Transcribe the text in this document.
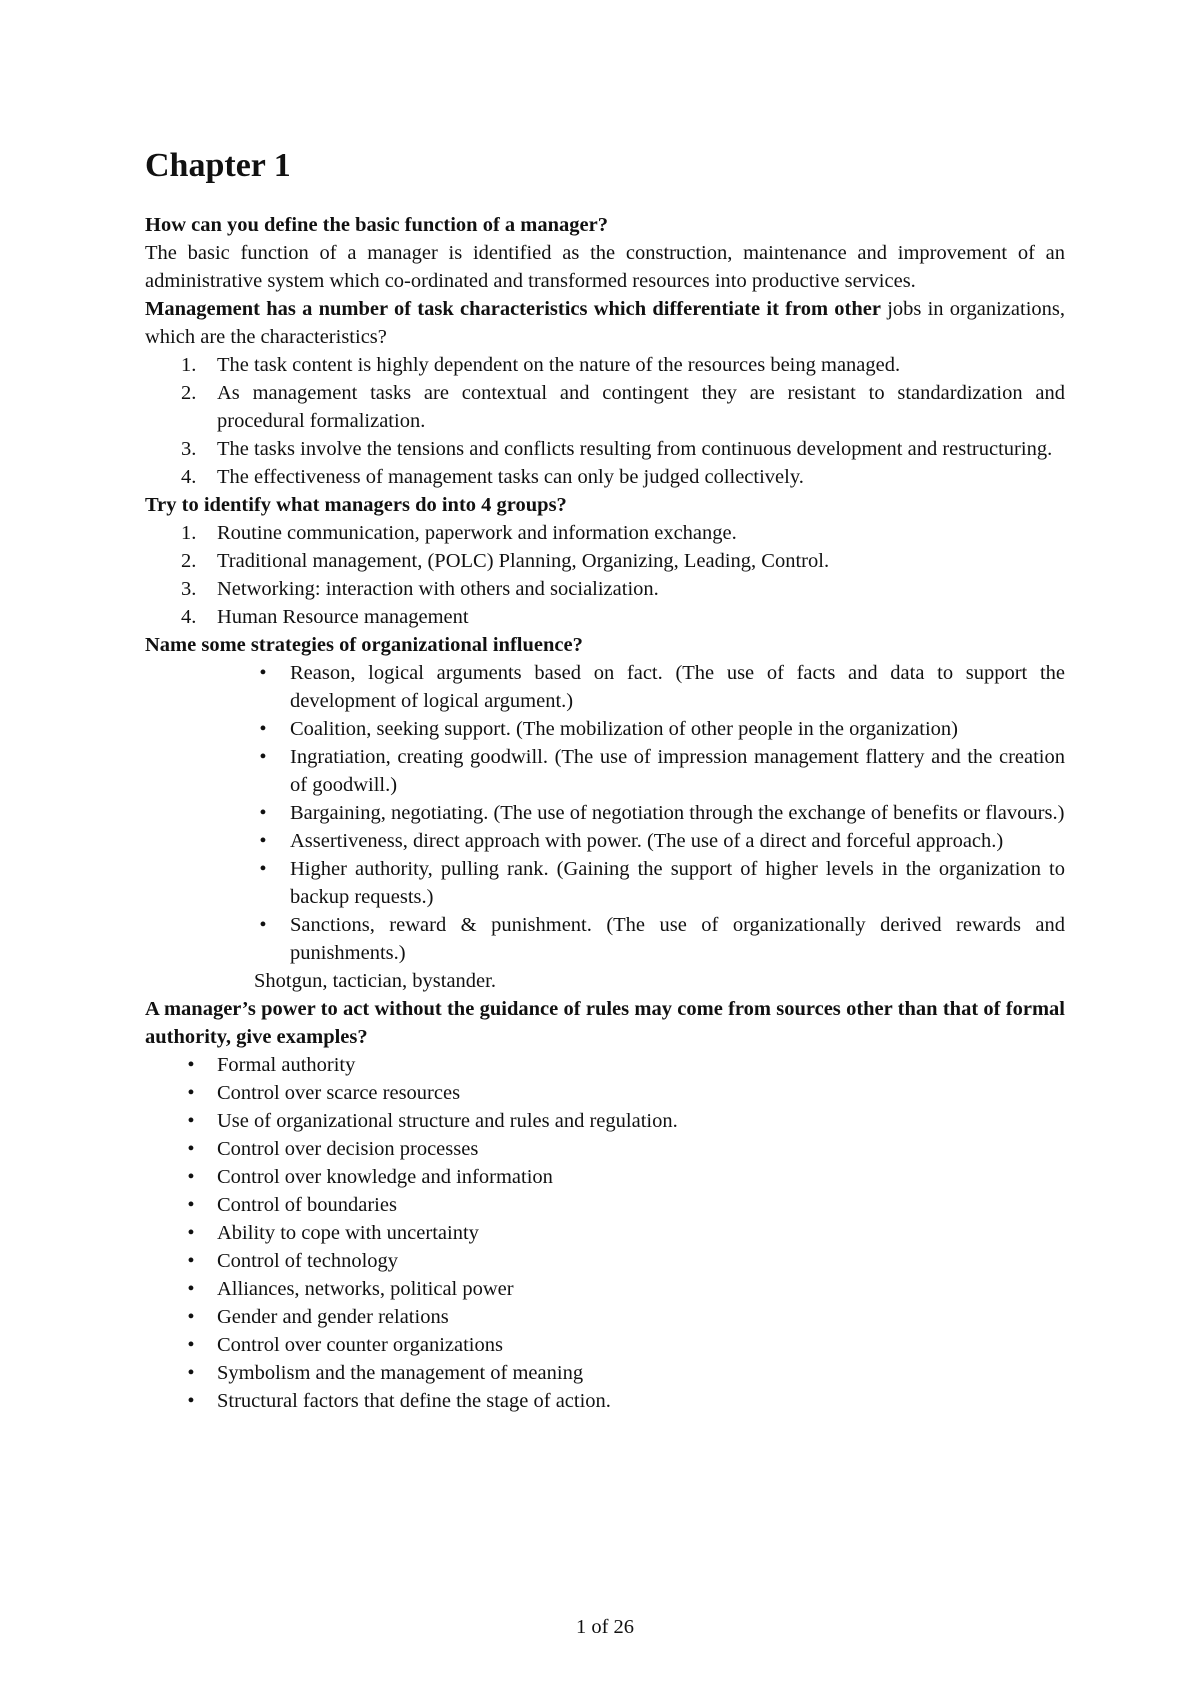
Chapter 1

How can you define the basic function of a manager?

The basic function of a manager is identified as the construction, maintenance and improvement of an administrative system which co-ordinated and transformed resources into productive services.

Management has a number of task characteristics which differentiate it from other jobs in organizations, which are the characteristics?

1.	The task content is highly dependent on the nature of the resources being managed.
2.	As management tasks are contextual and contingent they are resistant to standardization and procedural formalization.
3.	The tasks involve the tensions and conflicts resulting from continuous development and restructuring.
4.	The effectiveness of management tasks can only be judged collectively.

Try to identify what managers do into 4 groups?

1.	Routine communication, paperwork and information exchange.
2.	Traditional management, (POLC) Planning, Organizing, Leading, Control.
3.	Networking: interaction with others and socialization.
4.	Human Resource management

Name some strategies of organizational influence?

•	Reason, logical arguments based on fact. (The use of facts and data to support the development of logical argument.)
•	Coalition, seeking support. (The mobilization of other people in the organization)
•	Ingratiation, creating goodwill. (The use of impression management flattery and the creation of goodwill.)
•	Bargaining, negotiating. (The use of negotiation through the exchange of benefits or flavours.)
•	Assertiveness, direct approach with power. (The use of a direct and forceful approach.)
•	Higher authority, pulling rank. (Gaining the support of higher levels in the organization to backup requests.)
•	Sanctions, reward & punishment. (The use of organizationally derived rewards and punishments.)

Shotgun, tactician, bystander.

A manager’s power to act without the guidance of rules may come from sources other than that of formal authority, give examples?

•	Formal authority
•	Control over scarce resources
•	Use of organizational structure and rules and regulation.
•	Control over decision processes
•	Control over knowledge and information
•	Control of boundaries
•	Ability to cope with uncertainty
•	Control of technology
•	Alliances, networks, political power
•	Gender and gender relations
•	Control over counter organizations
•	Symbolism and the management of meaning
•	Structural factors that define the stage of action.
1 of 26
